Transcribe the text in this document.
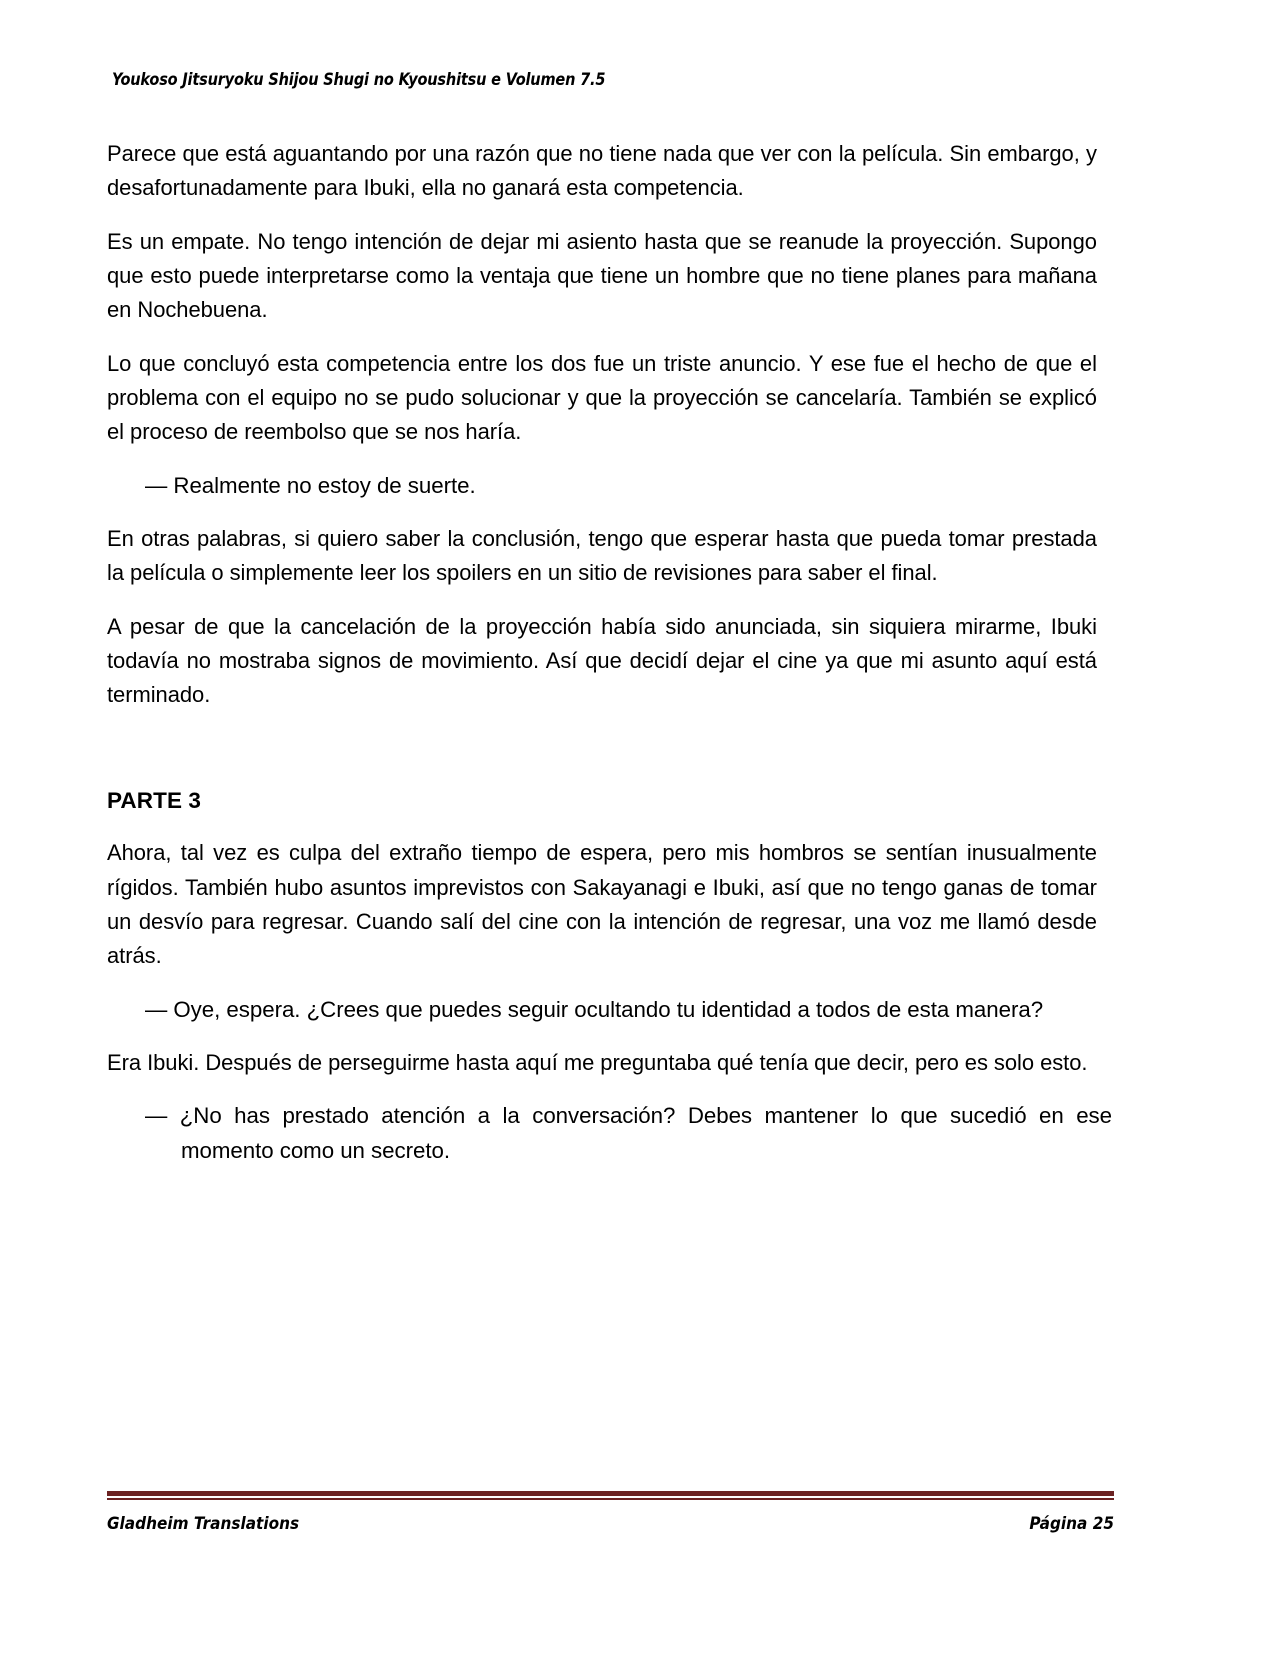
Youkoso Jitsuryoku Shijou Shugi no Kyoushitsu e Volumen 7.5

Parece que está aguantando por una razón que no tiene nada que ver con la película. Sin embargo, y desafortunadamente para Ibuki, ella no ganará esta competencia.

Es un empate. No tengo intención de dejar mi asiento hasta que se reanude la proyección. Supongo que esto puede interpretarse como la ventaja que tiene un hombre que no tiene planes para mañana en Nochebuena.

Lo que concluyó esta competencia entre los dos fue un triste anuncio. Y ese fue el hecho de que el problema con el equipo no se pudo solucionar y que la proyección se cancelaría. También se explicó el proceso de reembolso que se nos haría.

— Realmente no estoy de suerte.

En otras palabras, si quiero saber la conclusión, tengo que esperar hasta que pueda tomar prestada la película o simplemente leer los spoilers en un sitio de revisiones para saber el final.

A pesar de que la cancelación de la proyección había sido anunciada, sin siquiera mirarme, Ibuki todavía no mostraba signos de movimiento. Así que decidí dejar el cine ya que mi asunto aquí está terminado.

PARTE 3

Ahora, tal vez es culpa del extraño tiempo de espera, pero mis hombros se sentían inusualmente rígidos. También hubo asuntos imprevistos con Sakayanagi e Ibuki, así que no tengo ganas de tomar un desvío para regresar. Cuando salí del cine con la intención de regresar, una voz me llamó desde atrás.

— Oye, espera. ¿Crees que puedes seguir ocultando tu identidad a todos de esta manera?

Era Ibuki. Después de perseguirme hasta aquí me preguntaba qué tenía que decir, pero es solo esto.

— ¿No has prestado atención a la conversación? Debes mantener lo que sucedió en ese momento como un secreto.
Gladheim Translations	Página 25
